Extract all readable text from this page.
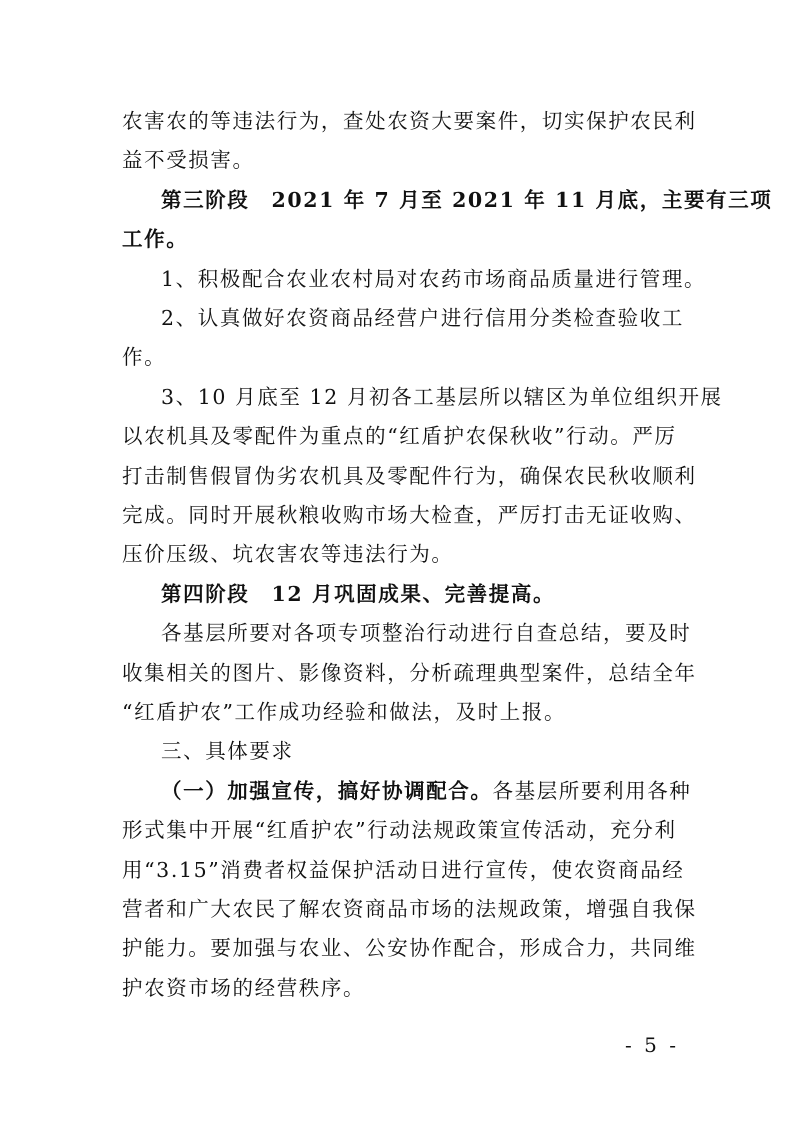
农害农的等违法行为，查处农资大要案件，切实保护农民利
益不受损害。
第三阶段　2021 年 7 月至 2021 年 11 月底，主要有三项
工作。
1、积极配合农业农村局对农药市场商品质量进行管理。
2、认真做好农资商品经营户进行信用分类检查验收工
作。
3、10 月底至 12 月初各工基层所以辖区为单位组织开展
以农机具及零配件为重点的“红盾护农保秋收”行动。严厉
打击制售假冒伪劣农机具及零配件行为，确保农民秋收顺利
完成。同时开展秋粮收购市场大检查，严厉打击无证收购、
压价压级、坑农害农等违法行为。
第四阶段　12 月巩固成果、完善提高。
各基层所要对各项专项整治行动进行自查总结，要及时
收集相关的图片、影像资料，分析疏理典型案件，总结全年
“红盾护农”工作成功经验和做法，及时上报。
三、具体要求
（一）加强宣传，搞好协调配合。各基层所要利用各种
形式集中开展“红盾护农”行动法规政策宣传活动，充分利
用“3.15”消费者权益保护活动日进行宣传，使农资商品经
营者和广大农民了解农资商品市场的法规政策，增强自我保
护能力。要加强与农业、公安协作配合，形成合力，共同维
护农资市场的经营秩序。
- 5 -
